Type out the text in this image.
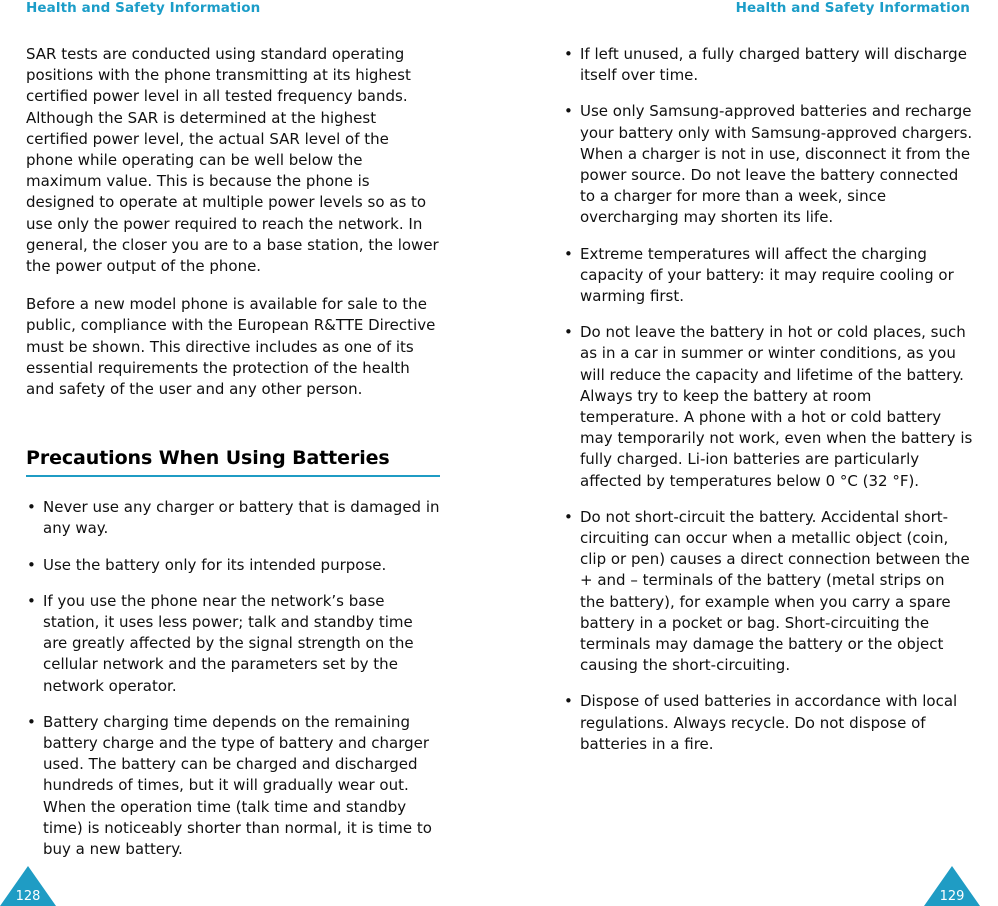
Health and Safety Information

SAR tests are conducted using standard operating positions with the phone transmitting at its highest certified power level in all tested frequency bands. Although the SAR is determined at the highest certified power level, the actual SAR level of the phone while operating can be well below the maximum value. This is because the phone is designed to operate at multiple power levels so as to use only the power required to reach the network. In general, the closer you are to a base station, the lower the power output of the phone.

Before a new model phone is available for sale to the public, compliance with the European R&TTE Directive must be shown. This directive includes as one of its essential requirements the protection of the health and safety of the user and any other person.

Precautions When Using Batteries
• Never use any charger or battery that is damaged in any way.
• Use the battery only for its intended purpose.
• If you use the phone near the network’s base station, it uses less power; talk and standby time are greatly affected by the signal strength on the cellular network and the parameters set by the network operator.
• Battery charging time depends on the remaining battery charge and the type of battery and charger used. The battery can be charged and discharged hundreds of times, but it will gradually wear out. When the operation time (talk time and standby time) is noticeably shorter than normal, it is time to buy a new battery.
128
Health and Safety Information
• If left unused, a fully charged battery will discharge itself over time.
• Use only Samsung-approved batteries and recharge your battery only with Samsung-approved chargers. When a charger is not in use, disconnect it from the power source. Do not leave the battery connected to a charger for more than a week, since overcharging may shorten its life.
• Extreme temperatures will affect the charging capacity of your battery: it may require cooling or warming first.
• Do not leave the battery in hot or cold places, such as in a car in summer or winter conditions, as you will reduce the capacity and lifetime of the battery. Always try to keep the battery at room temperature. A phone with a hot or cold battery may temporarily not work, even when the battery is fully charged. Li-ion batteries are particularly affected by temperatures below 0 °C (32 °F).
• Do not short-circuit the battery. Accidental short-circuiting can occur when a metallic object (coin, clip or pen) causes a direct connection between the + and – terminals of the battery (metal strips on the battery), for example when you carry a spare battery in a pocket or bag. Short-circuiting the terminals may damage the battery or the object causing the short-circuiting.
• Dispose of used batteries in accordance with local regulations. Always recycle. Do not dispose of batteries in a fire.
129
